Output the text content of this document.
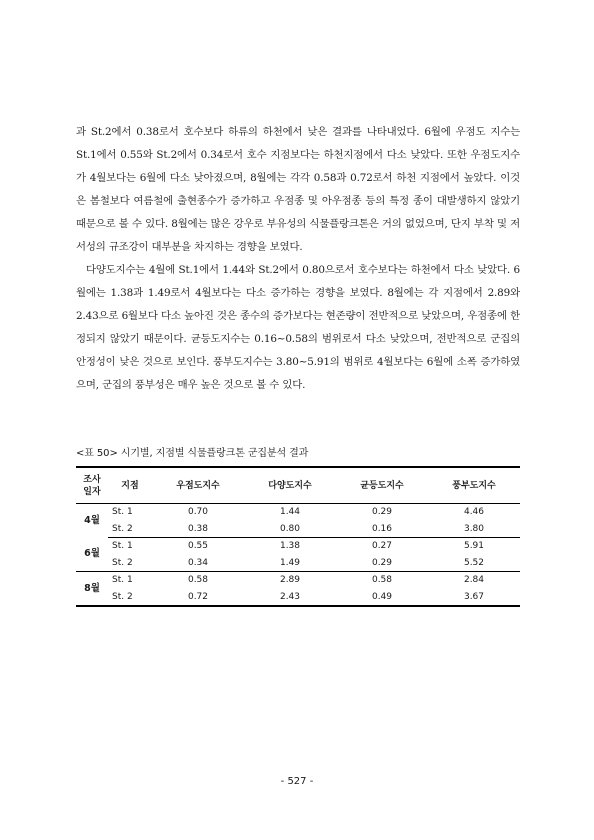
과 St.2에서 0.38로서 호수보다 하류의 하천에서 낮은 결과를 나타내었다. 6월에 우점도 지수는 St.1에서 0.55와 St.2에서 0.34로서 호수 지점보다는 하천지점에서 다소 낮았다. 또한 우점도지수가 4월보다는 6월에 다소 낮아졌으며, 8월에는 각각 0.58과 0.72로서 하천 지점에서 높았다. 이것은 봄철보다 여름철에 출현종수가 증가하고 우점종 및 아우점종 등의 특정 종이 대발생하지 않았기 때문으로 볼 수 있다. 8월에는 많은 강우로 부유성의 식물플랑크톤은 거의 없었으며, 단지 부착 및 저서성의 규조강이 대부분을 차지하는 경향을 보였다.

다양도지수는 4월에 St.1에서 1.44와 St.2에서 0.80으로서 호수보다는 하천에서 다소 낮았다. 6월에는 1.38과 1.49로서 4월보다는 다소 증가하는 경향을 보였다. 8월에는 각 지점에서 2.89와 2.43으로 6월보다 다소 높아진 것은 종수의 증가보다는 현존량이 전반적으로 낮았으며, 우점종에 한정되지 않았기 때문이다. 균등도지수는 0.16∼0.58의 범위로서 다소 낮았으며, 전반적으로 군집의 안정성이 낮은 것으로 보인다. 풍부도지수는 3.80∼5.91의 범위로 4월보다는 6월에 소폭 증가하였으며, 군집의 풍부성은 매우 높은 것으로 볼 수 있다.

<표 50> 시기별, 지점별 식물플랑크톤 군집분석 결과
조사
일자	지점	우점도지수	다양도지수	균등도지수	풍부도지수
4월	St. 1	0.70	1.44	0.29	4.46
	St. 2	0.38	0.80	0.16	3.80
6월	St. 1	0.55	1.38	0.27	5.91
	St. 2	0.34	1.49	0.29	5.52
8월	St. 1	0.58	2.89	0.58	2.84
	St. 2	0.72	2.43	0.49	3.67
- 527 -
